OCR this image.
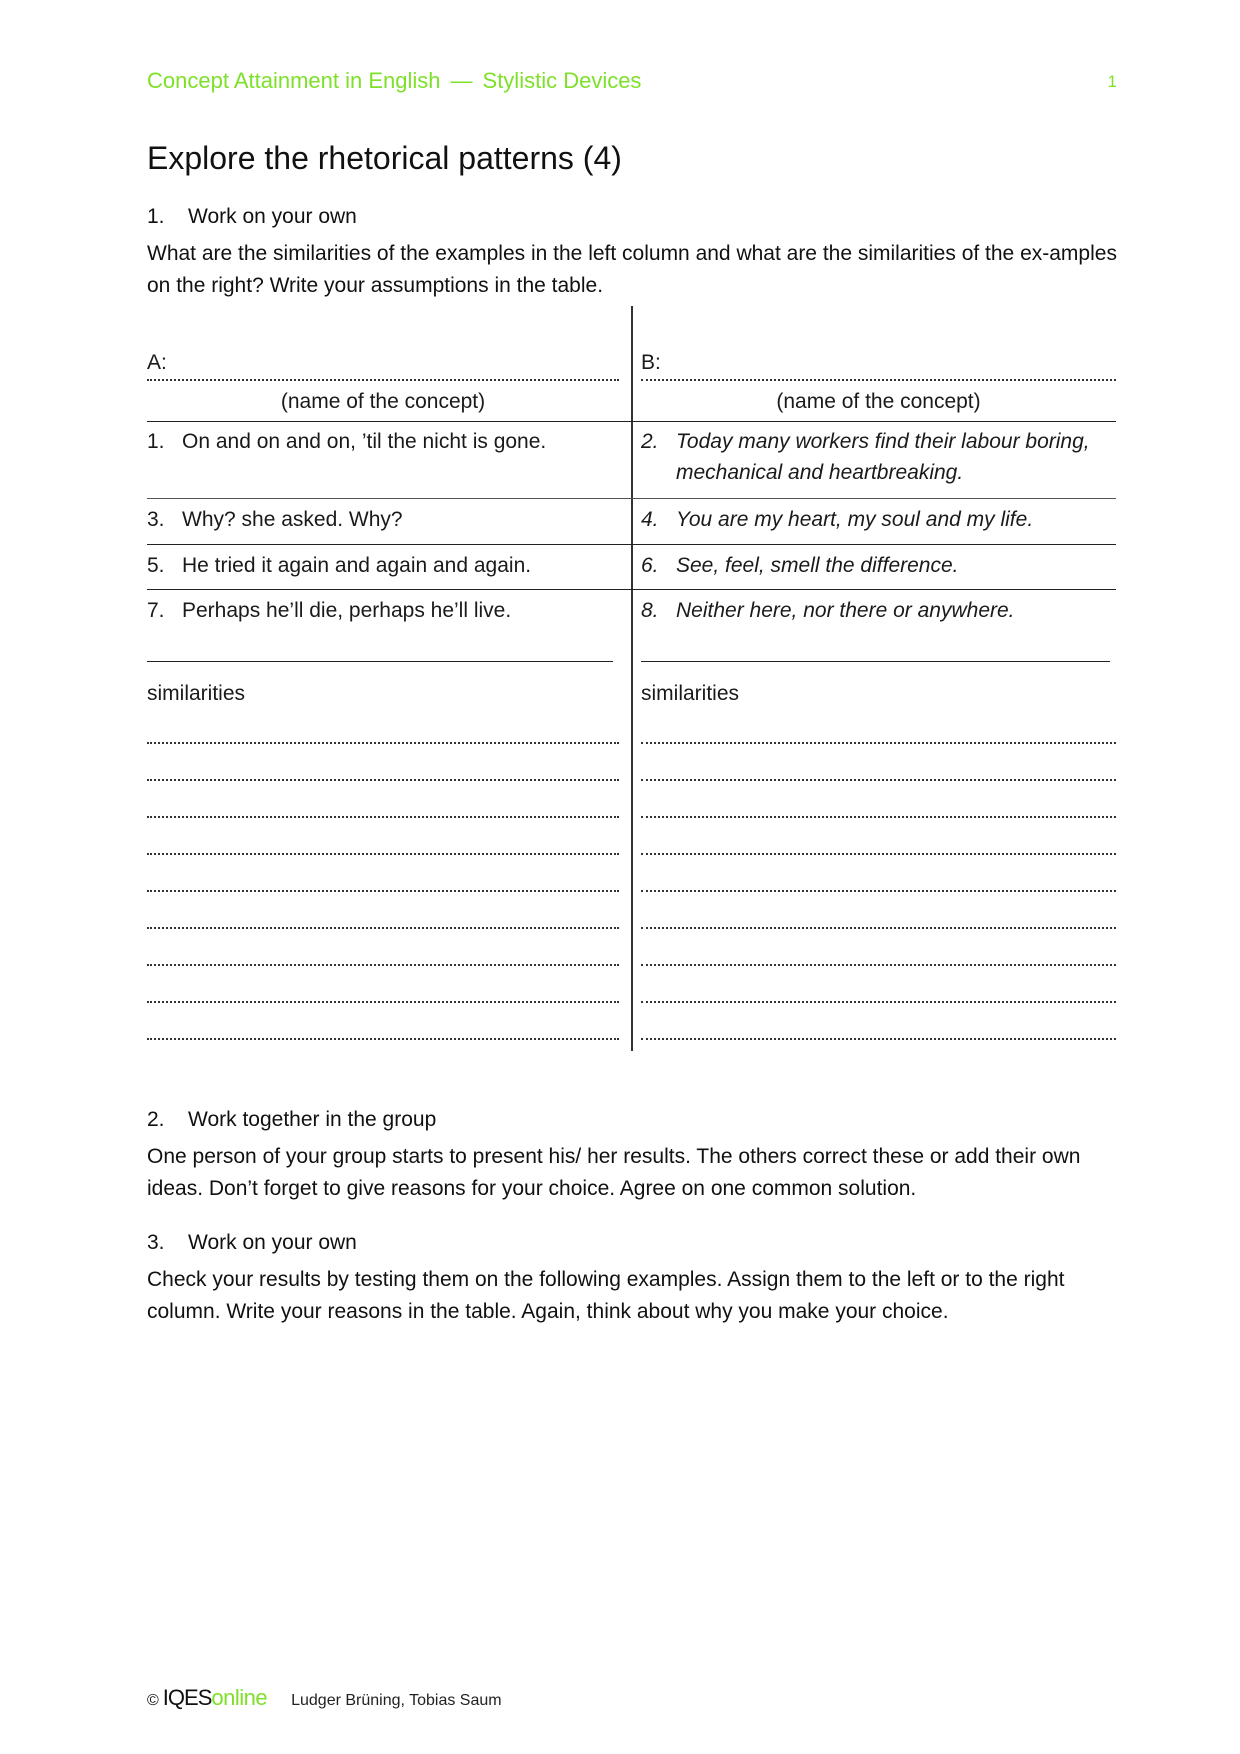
Concept Attainment in English — Stylistic Devices	1
Explore the rhetorical patterns (4)
1. Work on your own
What are the similarities of the examples in the left column and what are the similarities of the ex-amples on the right? Write your assumptions in the table.
A:
(name of the concept)
B:
(name of the concept)
1. On and on and on, ’til the nicht is gone.
3. Why? she asked. Why?
5. He tried it again and again and again.
7. Perhaps he’ll die, perhaps he’ll live.
2. Today many workers find their labour boring, mechanical and heartbreaking.
4. You are my heart, my soul and my life.
6. See, feel, smell the difference.
8. Neither here, nor there or anywhere.
similarities	similarities
2. Work together in the group
One person of your group starts to present his/ her results. The others correct these or add their own ideas. Don’t forget to give reasons for your choice. Agree on one common solution.
3. Work on your own
Check your results by testing them on the following examples. Assign them to the left or to the right column. Write your reasons in the table. Again, think about why you make your choice.
© IQES online Ludger Brüning, Tobias Saum
